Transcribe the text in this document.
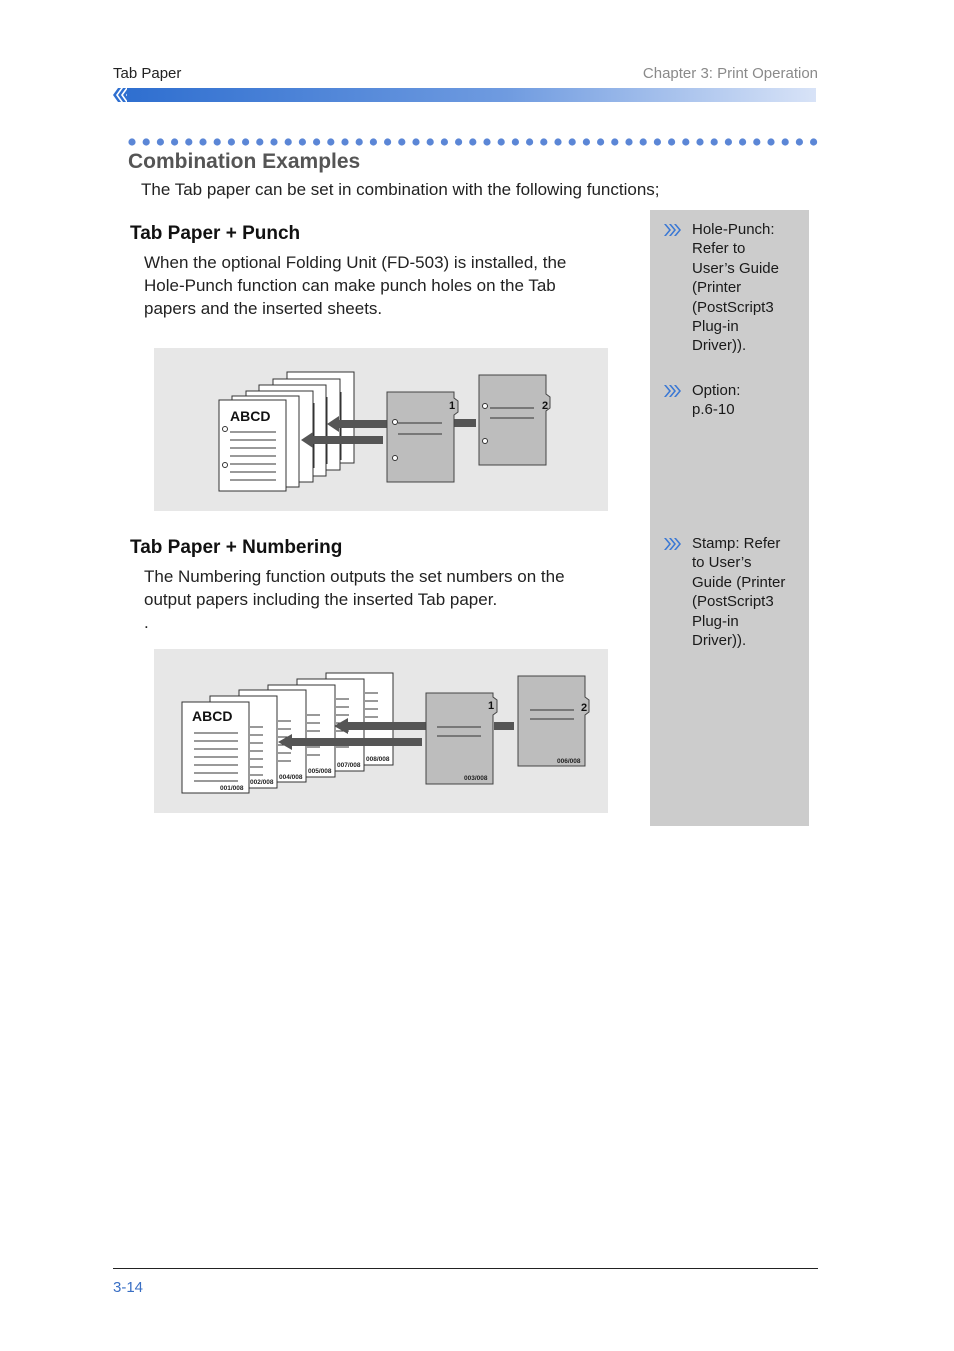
Tab Paper	Chapter 3: Print Operation
Combination Examples
The Tab paper can be set in combination with the following functions;
Tab Paper + Punch
When the optional Folding Unit (FD-503) is installed, the
Hole-Punch function can make punch holes on the Tab
papers and the inserted sheets.
ABCD
1	2
Tab Paper + Numbering
The Numbering function outputs the set numbers on the
output papers including the inserted Tab paper.
.
ABCD
001/008
002/008
004/008
005/008
007/008
008/008
1
003/008
2
006/008
Hole-Punch:
Refer to
User’s Guide
(Printer
(PostScript3
Plug-in
Driver)).
Option:
p.6-10
Stamp: Refer
to User’s
Guide (Printer
(PostScript3
Plug-in
Driver)).
3-14
